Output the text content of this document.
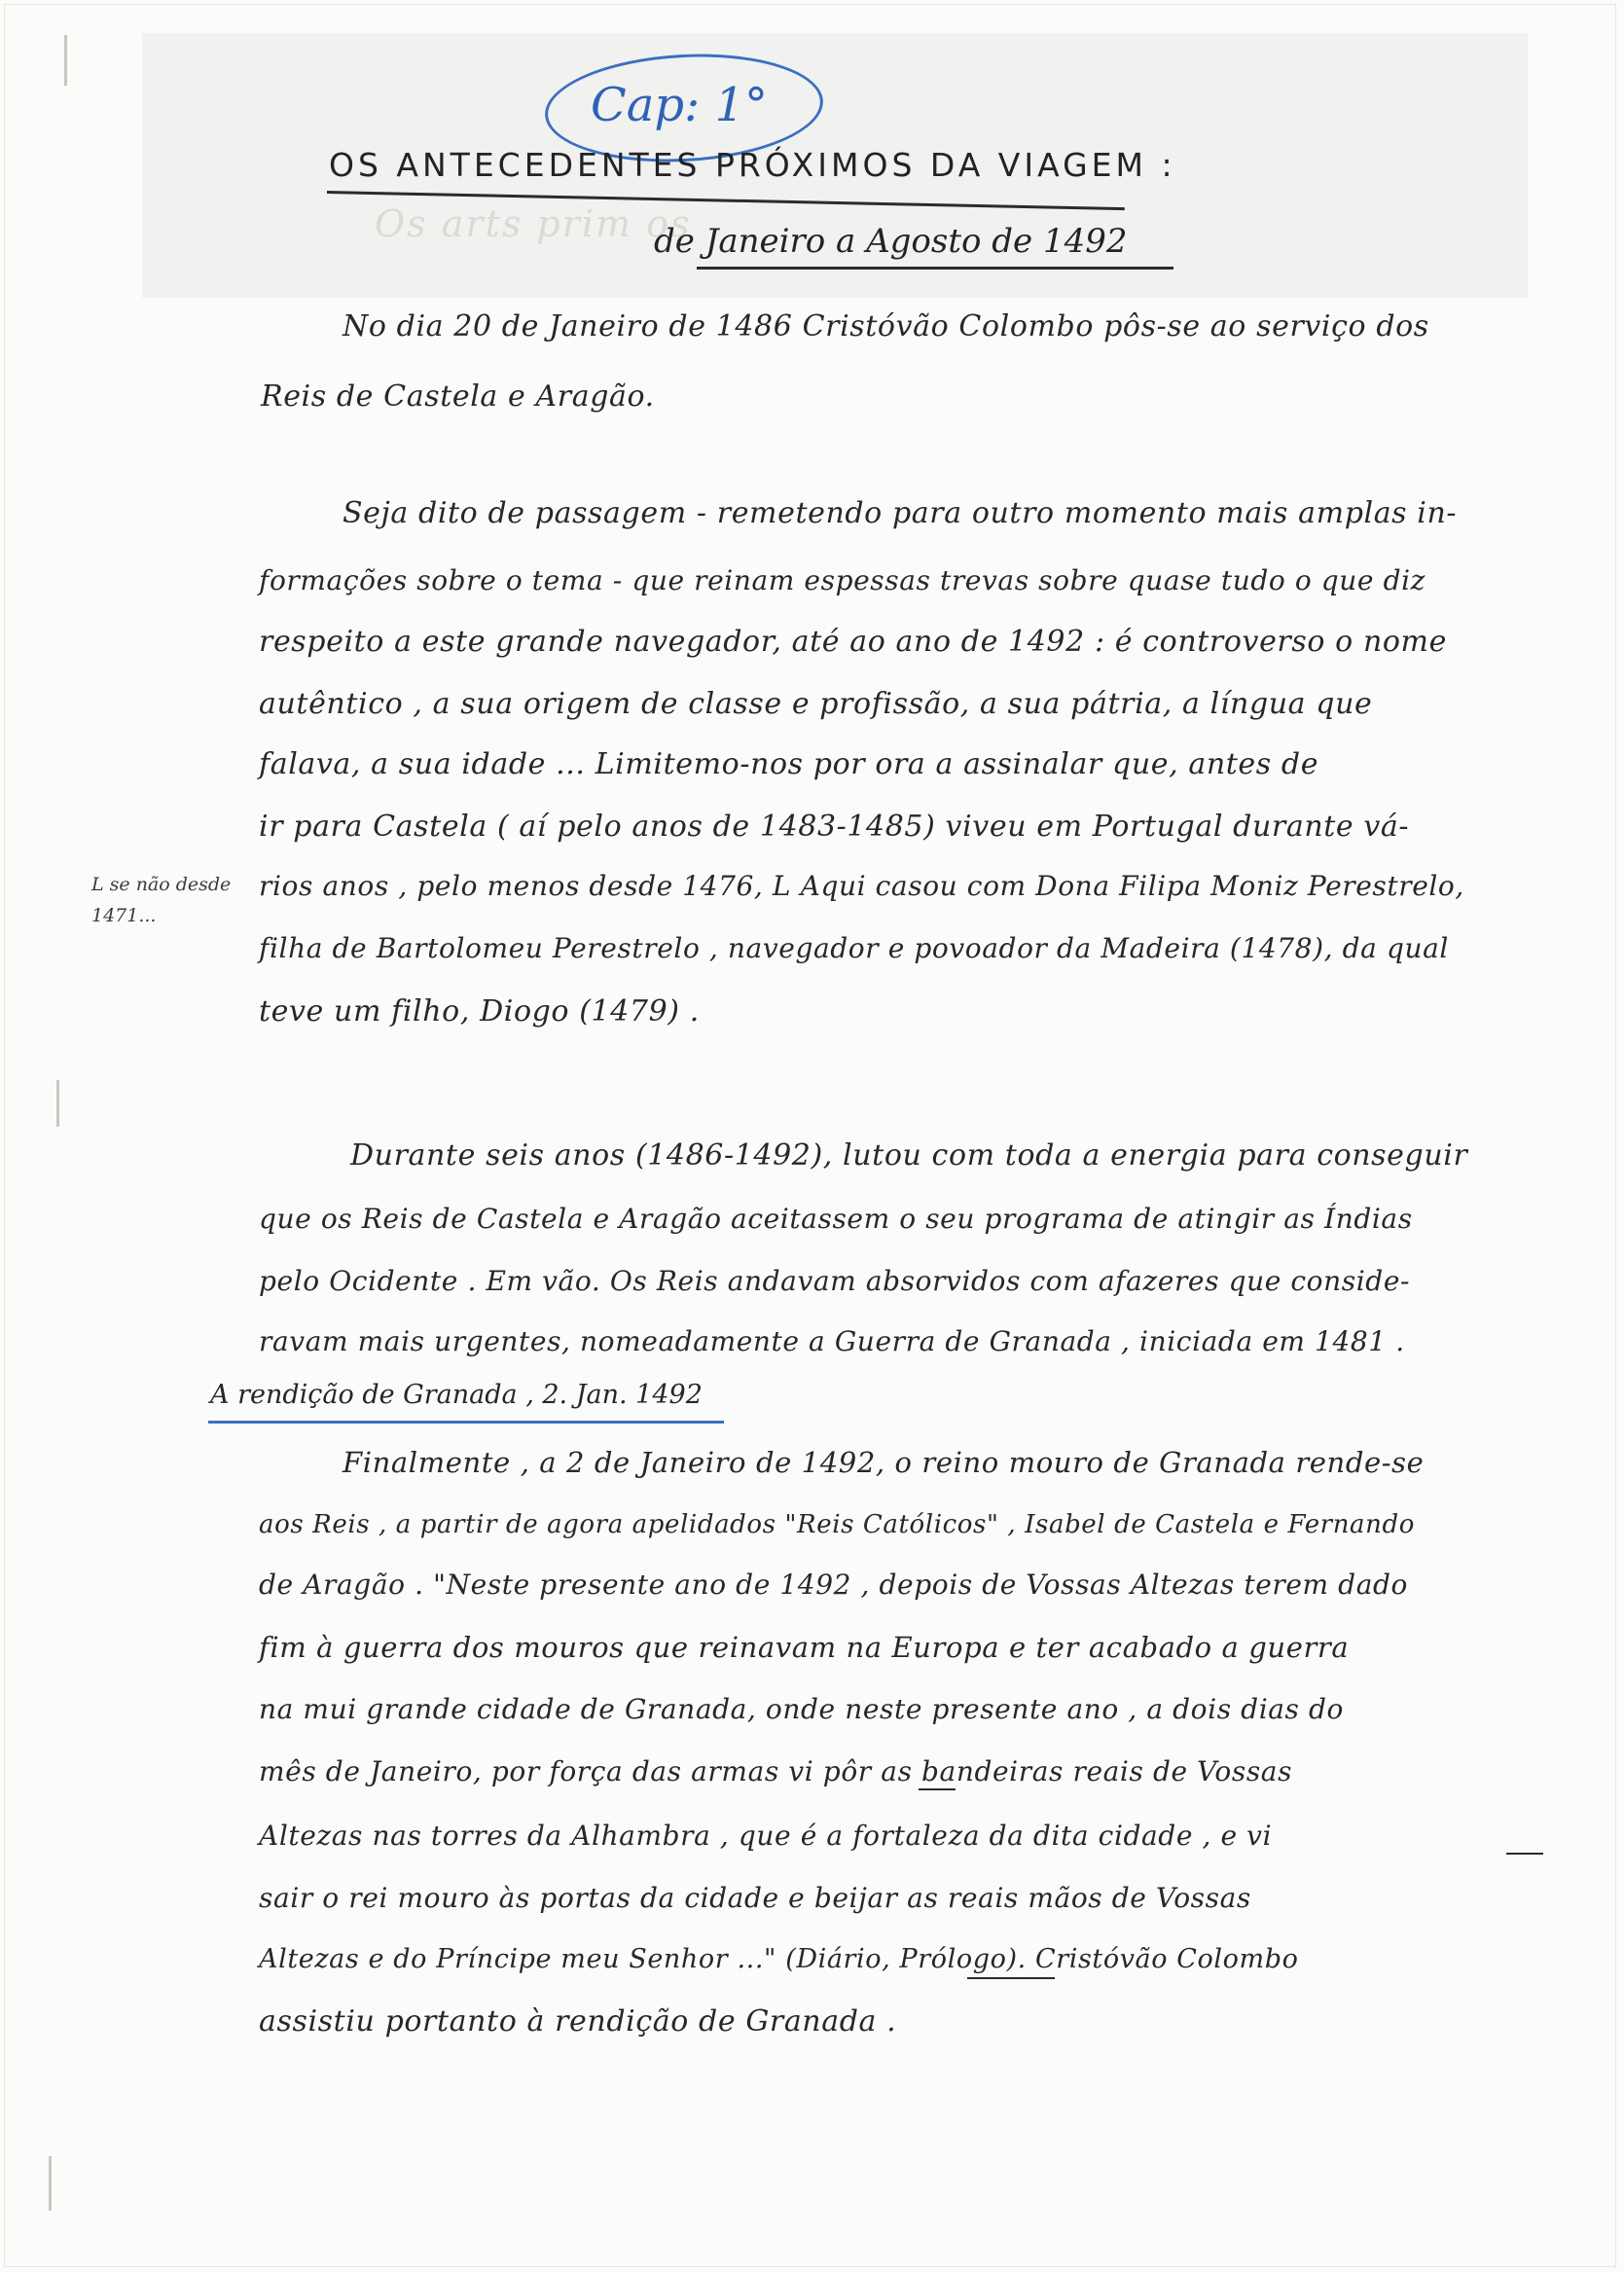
Os arts prim os
Cap: 1°
OS ANTECEDENTES PRÓXIMOS DA VIAGEM :
de Janeiro a Agosto de 1492
No dia 20 de Janeiro de 1486 Cristóvão Colombo pôs-se ao serviço dos
Reis de Castela e Aragão.
Seja dito de passagem - remetendo para outro momento mais amplas in-
formações sobre o tema - que reinam espessas trevas sobre quase tudo o que diz
respeito a este grande navegador, até ao ano de 1492 : é controverso o nome
autêntico , a sua origem de classe e profissão, a sua pátria, a língua que
falava, a sua idade ... Limitemo-nos por ora a assinalar que, antes de
ir para Castela ( aí pelo anos de 1483-1485) viveu em Portugal durante vá-
rios anos , pelo menos desde 1476, L Aqui casou com Dona Filipa Moniz Perestrelo,
filha de Bartolomeu Perestrelo , navegador e povoador da Madeira (1478), da qual
teve um filho, Diogo (1479) .
L se não desde
1471...
Durante seis anos (1486-1492), lutou com toda a energia para conseguir
que os Reis de Castela e Aragão aceitassem o seu programa de atingir as Índias
pelo Ocidente . Em vão. Os Reis andavam absorvidos com afazeres que conside-
ravam mais urgentes, nomeadamente a Guerra de Granada , iniciada em 1481 .
A rendição de Granada , 2. Jan. 1492
Finalmente , a 2 de Janeiro de 1492, o reino mouro de Granada rende-se
aos Reis , a partir de agora apelidados "Reis Católicos" , Isabel de Castela e Fernando
de Aragão . "Neste presente ano de 1492 , depois de Vossas Altezas terem dado
fim à guerra dos mouros que reinavam na Europa e ter acabado a guerra
na mui grande cidade de Granada, onde neste presente ano , a dois dias do
mês de Janeiro, por força das armas vi pôr as bandeiras reais de Vossas
Altezas nas torres da Alhambra , que é a fortaleza da dita cidade , e vi
sair o rei mouro às portas da cidade e beijar as reais mãos de Vossas
Altezas e do Príncipe meu Senhor ..." (Diário, Prólogo). Cristóvão Colombo
assistiu portanto à rendição de Granada .
